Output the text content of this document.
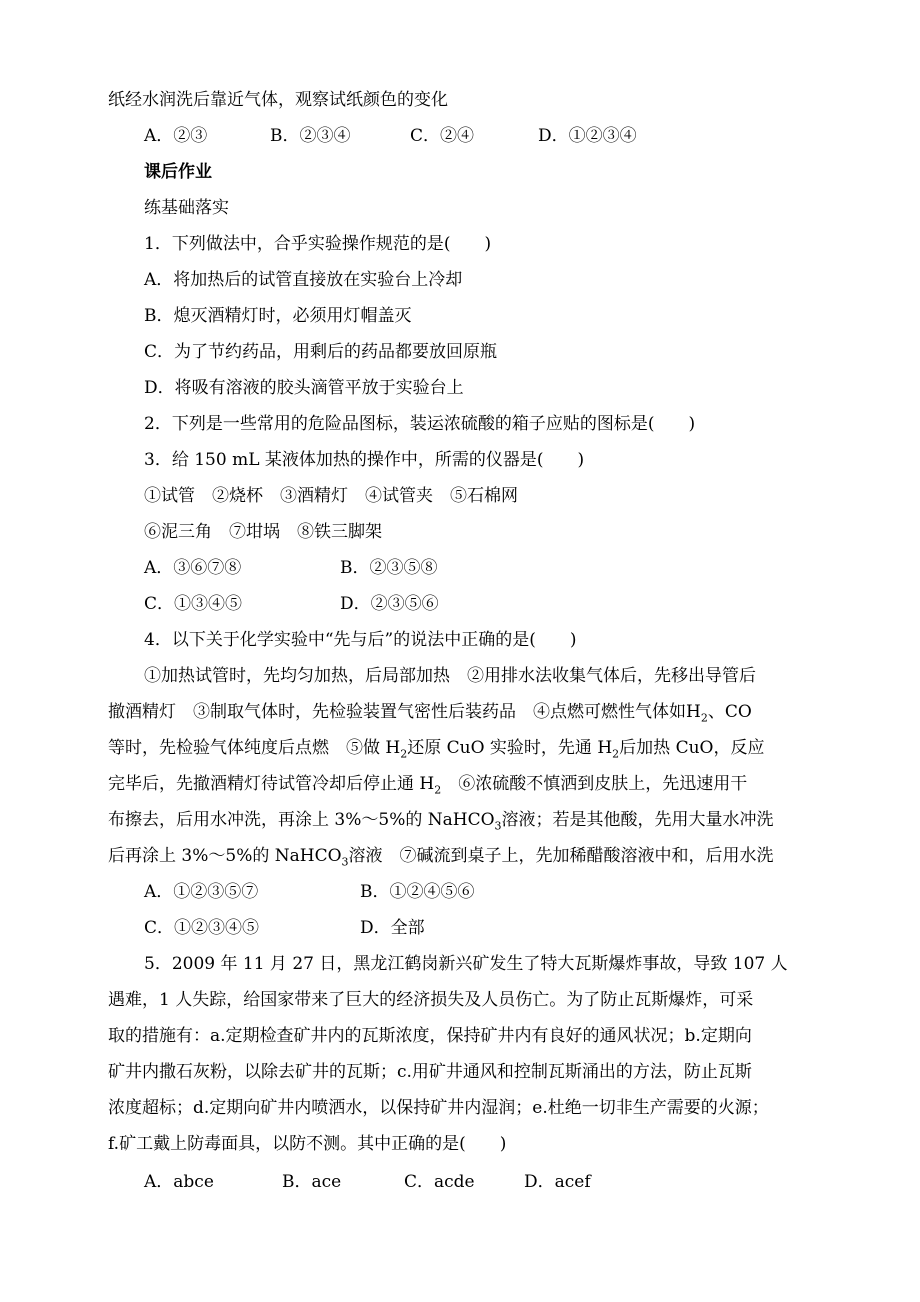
纸经水润洗后靠近气体，观察试纸颜色的变化
A．②③	B．②③④	C．②④	D．①②③④
课后作业
练基础落实
1．下列做法中，合乎实验操作规范的是(　　)
A．将加热后的试管直接放在实验台上冷却
B．熄灭酒精灯时，必须用灯帽盖灭
C．为了节约药品，用剩后的药品都要放回原瓶
D．将吸有溶液的胶头滴管平放于实验台上
2．下列是一些常用的危险品图标，装运浓硫酸的箱子应贴的图标是(　　)
3．给 150 mL 某液体加热的操作中，所需的仪器是(　　)
①试管　②烧杯　③酒精灯　④试管夹　⑤石棉网
⑥泥三角　⑦坩埚　⑧铁三脚架
A．③⑥⑦⑧	B．②③⑤⑧
C．①③④⑤	D．②③⑤⑥
4．以下关于化学实验中“先与后”的说法中正确的是(　　)
①加热试管时，先均匀加热，后局部加热　②用排水法收集气体后，先移出导管后
撤酒精灯　③制取气体时，先检验装置气密性后装药品　④点燃可燃性气体如$H_2$、CO
等时，先检验气体纯度后点燃　⑤做 $H_2$还原 CuO 实验时，先通 $H_2$后加热 CuO，反应
完毕后，先撤酒精灯待试管冷却后停止通 $H_2$　⑥浓硫酸不慎洒到皮肤上，先迅速用干
布擦去，后用水冲洗，再涂上 3%～5%的 NaHCO$_3$溶液；若是其他酸，先用大量水冲洗
后再涂上 3%～5%的 NaHCO$_3$溶液　⑦碱流到桌子上，先加稀醋酸溶液中和，后用水洗
A．①②③⑤⑦	B．①②④⑤⑥
C．①②③④⑤	D．全部
5．2009 年 11 月 27 日，黑龙江鹤岗新兴矿发生了特大瓦斯爆炸事故，导致 107 人
遇难，1 人失踪，给国家带来了巨大的经济损失及人员伤亡。为了防止瓦斯爆炸，可采
取的措施有：a.定期检查矿井内的瓦斯浓度，保持矿井内有良好的通风状况；b.定期向
矿井内撒石灰粉，以除去矿井的瓦斯；c.用矿井通风和控制瓦斯涌出的方法，防止瓦斯
浓度超标；d.定期向矿井内喷洒水，以保持矿井内湿润；e.杜绝一切非生产需要的火源；
f.矿工戴上防毒面具，以防不测。其中正确的是(　　)
A．abce	B．ace	C．acde	D．acef
